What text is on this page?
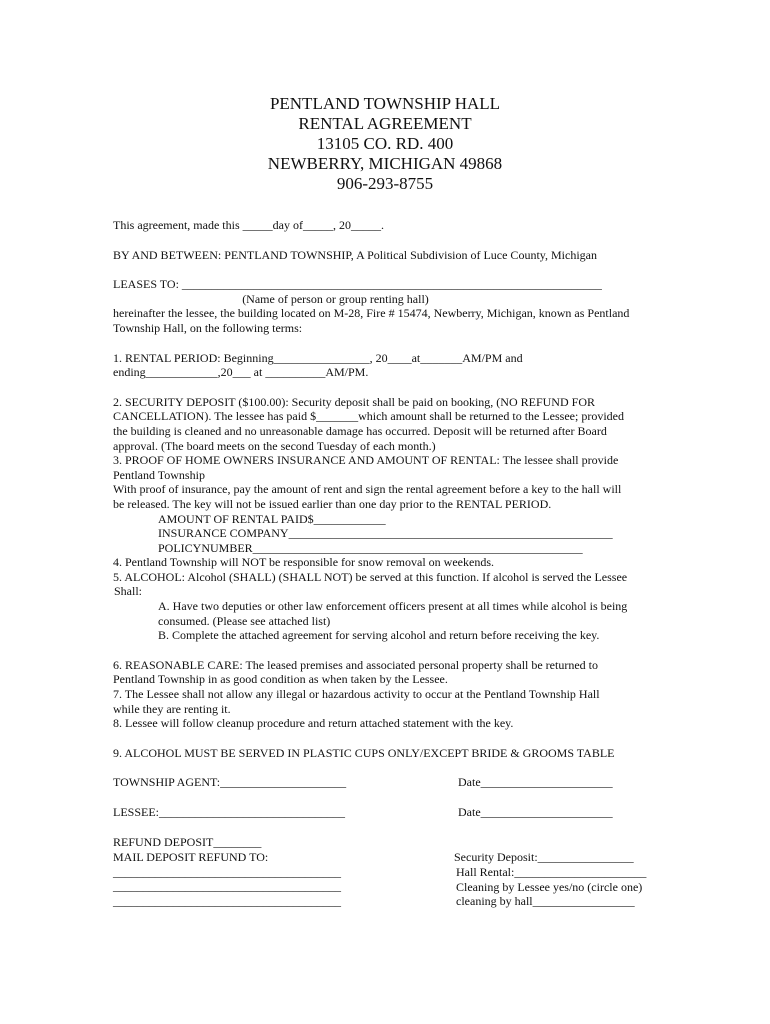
PENTLAND TOWNSHIP HALL
RENTAL AGREEMENT
13105 CO. RD. 400
NEWBERRY, MICHIGAN 49868
906-293-8755

This agreement, made this _____day of_____, 20_____.

BY AND BETWEEN: PENTLAND TOWNSHIP, A Political Subdivision of Luce County, Michigan

LEASES TO: ______________________________________________________________________

(Name of person or group renting hall)

hereinafter the lessee, the building located on M-28, Fire # 15474, Newberry, Michigan, known as Pentland

Township Hall, on the following terms:

1. RENTAL PERIOD: Beginning________________, 20____at_______AM/PM and

ending____________,20___ at __________AM/PM.

2. SECURITY DEPOSIT ($100.00): Security deposit shall be paid on booking, (NO REFUND FOR

CANCELLATION). The lessee has paid $_______which amount shall be returned to the Lessee; provided

the building is cleaned and no unreasonable damage has occurred. Deposit will be returned after Board

approval. (The board meets on the second Tuesday of each month.)

3. PROOF OF HOME OWNERS INSURANCE AND AMOUNT OF RENTAL: The lessee shall provide

Pentland Township

With proof of insurance, pay the amount of rent and sign the rental agreement before a key to the hall will

be released. The key will not be issued earlier than one day prior to the RENTAL PERIOD.

AMOUNT OF RENTAL PAID$____________

INSURANCE COMPANY______________________________________________________

POLICYNUMBER_______________________________________________________

4. Pentland Township will NOT be responsible for snow removal on weekends.

5. ALCOHOL: Alcohol (SHALL) (SHALL NOT) be served at this function. If alcohol is served the Lessee

Shall:

A. Have two deputies or other law enforcement officers present at all times while alcohol is being

consumed. (Please see attached list)

B. Complete the attached agreement for serving alcohol and return before receiving the key.

6. REASONABLE CARE: The leased premises and associated personal property shall be returned to

Pentland Township in as good condition as when taken by the Lessee.

7. The Lessee shall not allow any illegal or hazardous activity to occur at the Pentland Township Hall

while they are renting it.

8. Lessee will follow cleanup procedure and return attached statement with the key.

9. ALCOHOL MUST BE SERVED IN PLASTIC CUPS ONLY/EXCEPT BRIDE & GROOMS TABLE

TOWNSHIP AGENT:_____________________	Date______________________
LESSEE:_______________________________	Date______________________

REFUND DEPOSIT________

MAIL DEPOSIT REFUND TO:

______________________________________

______________________________________

______________________________________

Security Deposit:________________

Hall Rental:______________________

Cleaning by Lessee yes/no (circle one)

cleaning by hall_________________
